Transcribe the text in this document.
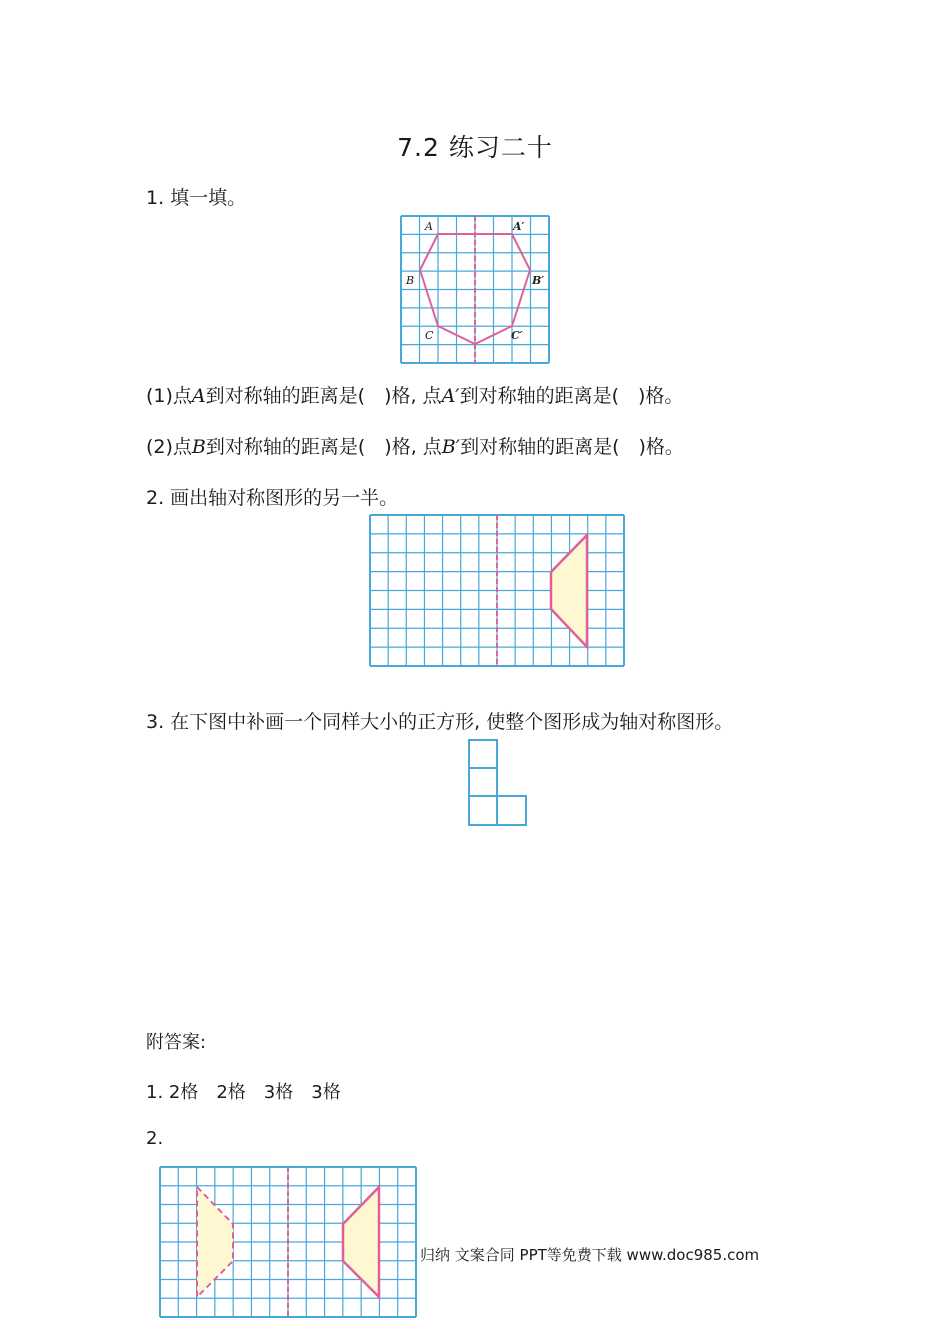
7.2 练习二十
1. 填一填。
A	A′
B	B′
C	C′
(1)点A到对称轴的距离是(　)格, 点A′到对称轴的距离是(　)格。
(2)点B到对称轴的距离是(　)格, 点B′到对称轴的距离是(　)格。
2. 画出轴对称图形的另一半。
3. 在下图中补画一个同样大小的正方形, 使整个图形成为轴对称图形。
附答案:
1. 2格　2格　3格　3格
2.
归纳 文案合同 PPT等免费下载 www.doc985.com
